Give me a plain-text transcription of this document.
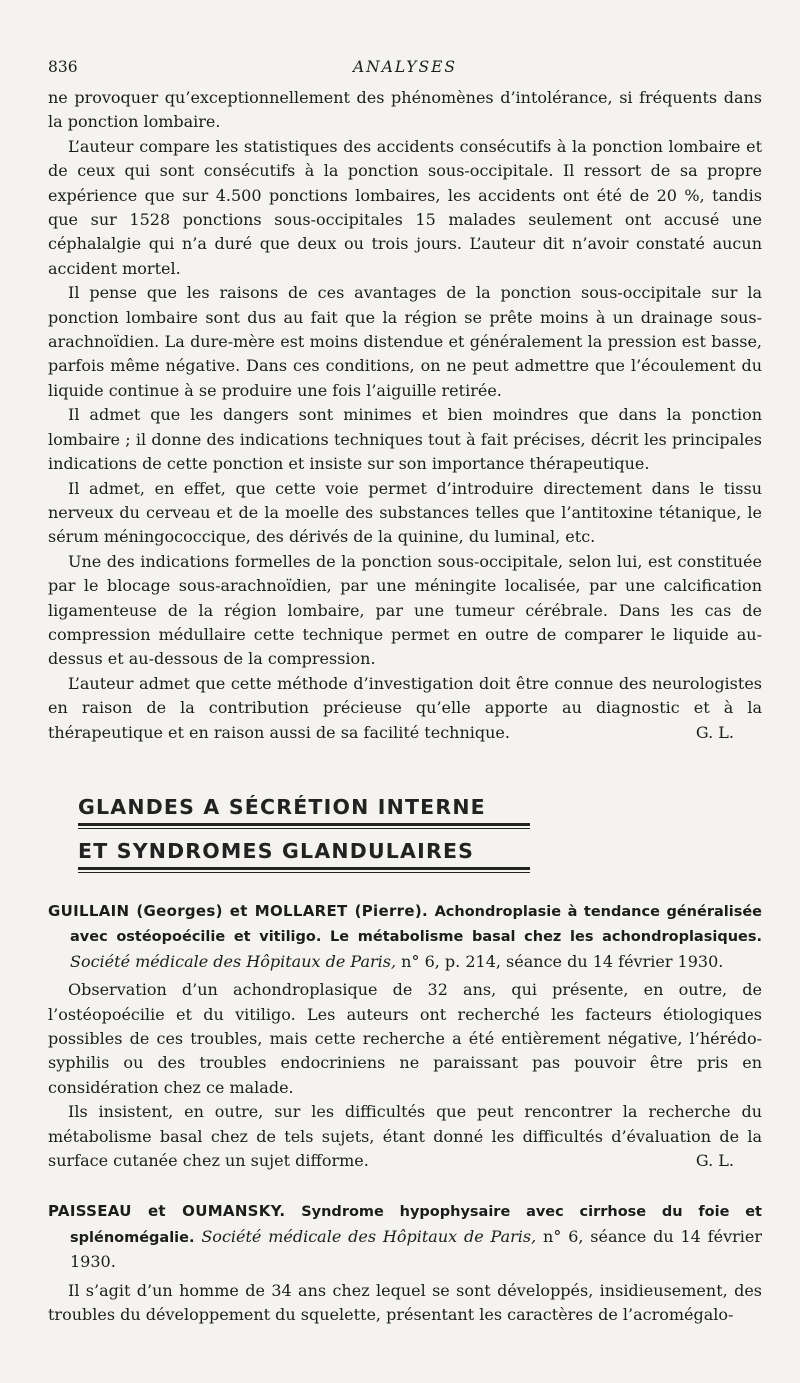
836	ANALYSES

ne provoquer qu’exceptionnellement des phénomènes d’intolérance, si fréquents dans la ponction lombaire.

L’auteur compare les statistiques des accidents consécutifs à la ponction lombaire et de ceux qui sont consécutifs à la ponction sous-occipitale. Il ressort de sa propre expérience que sur 4.500 ponctions lombaires, les accidents ont été de 20 %, tandis que sur 1528 ponctions sous-occipitales 15 malades seulement ont accusé une céphalalgie qui n’a duré que deux ou trois jours. L’auteur dit n’avoir constaté aucun accident mortel.

Il pense que les raisons de ces avantages de la ponction sous-occipitale sur la ponction lombaire sont dus au fait que la région se prête moins à un drainage sous-arachnoïdien. La dure-mère est moins distendue et généralement la pression est basse, parfois même négative. Dans ces conditions, on ne peut admettre que l’écoulement du liquide continue à se produire une fois l’aiguille retirée.

Il admet que les dangers sont minimes et bien moindres que dans la ponction lombaire ; il donne des indications techniques tout à fait précises, décrit les principales indications de cette ponction et insiste sur son importance thérapeutique.

Il admet, en effet, que cette voie permet d’introduire directement dans le tissu nerveux du cerveau et de la moelle des substances telles que l’antitoxine tétanique, le sérum méningococcique, des dérivés de la quinine, du luminal, etc.

Une des indications formelles de la ponction sous-occipitale, selon lui, est constituée par le blocage sous-arachnoïdien, par une méningite localisée, par une calcification ligamenteuse de la région lombaire, par une tumeur cérébrale. Dans les cas de compression médullaire cette technique permet en outre de comparer le liquide au-dessus et au-dessous de la compression.

L’auteur admet que cette méthode d’investigation doit être connue des neurologistes en raison de la contribution précieuse qu’elle apporte au diagnostic et à la thérapeutique et en raison aussi de sa facilité technique.	G. L.

GLANDES A SÉCRÉTION INTERNE
ET SYNDROMES GLANDULAIRES
GUILLAIN (Georges) et MOLLARET (Pierre). Achondroplasie à tendance généralisée avec ostéopoécilie et vitiligo. Le métabolisme basal chez les achondroplasiques. Société médicale des Hôpitaux de Paris, n° 6, p. 214, séance du 14 février 1930.

Observation d’un achondroplasique de 32 ans, qui présente, en outre, de l’ostéopoécilie et du vitiligo. Les auteurs ont recherché les facteurs étiologiques possibles de ces troubles, mais cette recherche a été entièrement négative, l’hérédo-syphilis ou des troubles endocriniens ne paraissant pas pouvoir être pris en considération chez ce malade.

Ils insistent, en outre, sur les difficultés que peut rencontrer la recherche du métabolisme basal chez de tels sujets, étant donné les difficultés d’évaluation de la surface cutanée chez un sujet difforme.	G. L.

PAISSEAU et OUMANSKY. Syndrome hypophysaire avec cirrhose du foie et splénomégalie. Société médicale des Hôpitaux de Paris, n° 6, séance du 14 février 1930.

Il s’agit d’un homme de 34 ans chez lequel se sont développés, insidieusement, des troubles du développement du squelette, présentant les caractères de l’acromégalo-
